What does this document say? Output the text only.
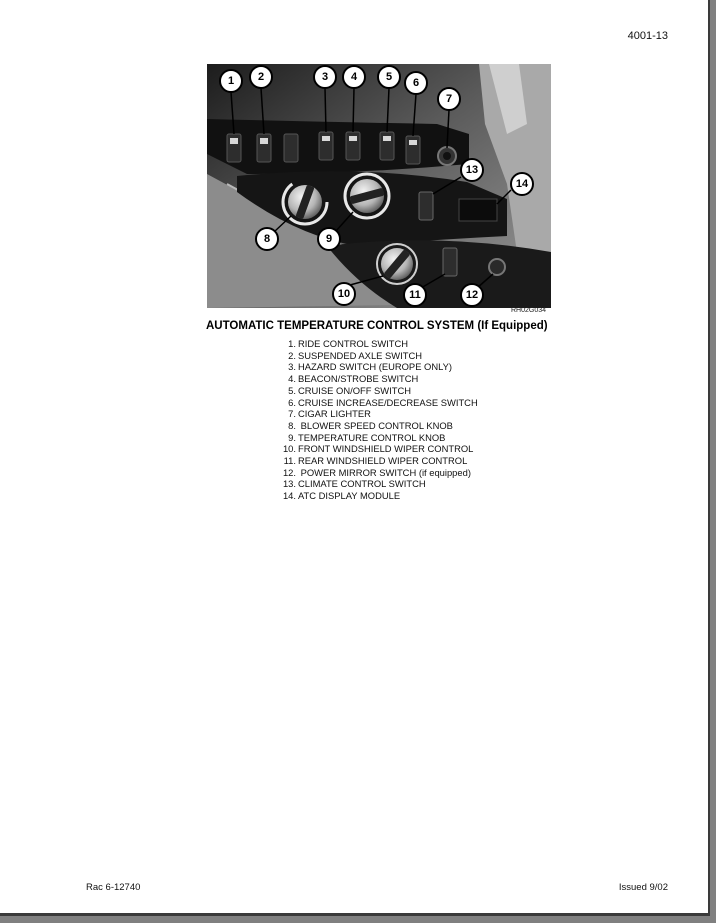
4001-13
1 2	3 4	5 6
7
8	9
10	11	12
13
14
RH02G034
AUTOMATIC TEMPERATURE CONTROL SYSTEM (If Equipped)
1. RIDE CONTROL SWITCH
2. SUSPENDED AXLE SWITCH
3. HAZARD SWITCH (EUROPE ONLY)
4. BEACON/STROBE SWITCH
5. CRUISE ON/OFF SWITCH
6. CRUISE INCREASE/DECREASE SWITCH
7. CIGAR LIGHTER
8. BLOWER SPEED CONTROL KNOB
9. TEMPERATURE CONTROL KNOB
10. FRONT WINDSHIELD WIPER CONTROL
11. REAR WINDSHIELD WIPER CONTROL
12. POWER MIRROR SWITCH (if equipped)
13. CLIMATE CONTROL SWITCH
14. ATC DISPLAY MODULE
Rac 6-12740	Issued 9/02
